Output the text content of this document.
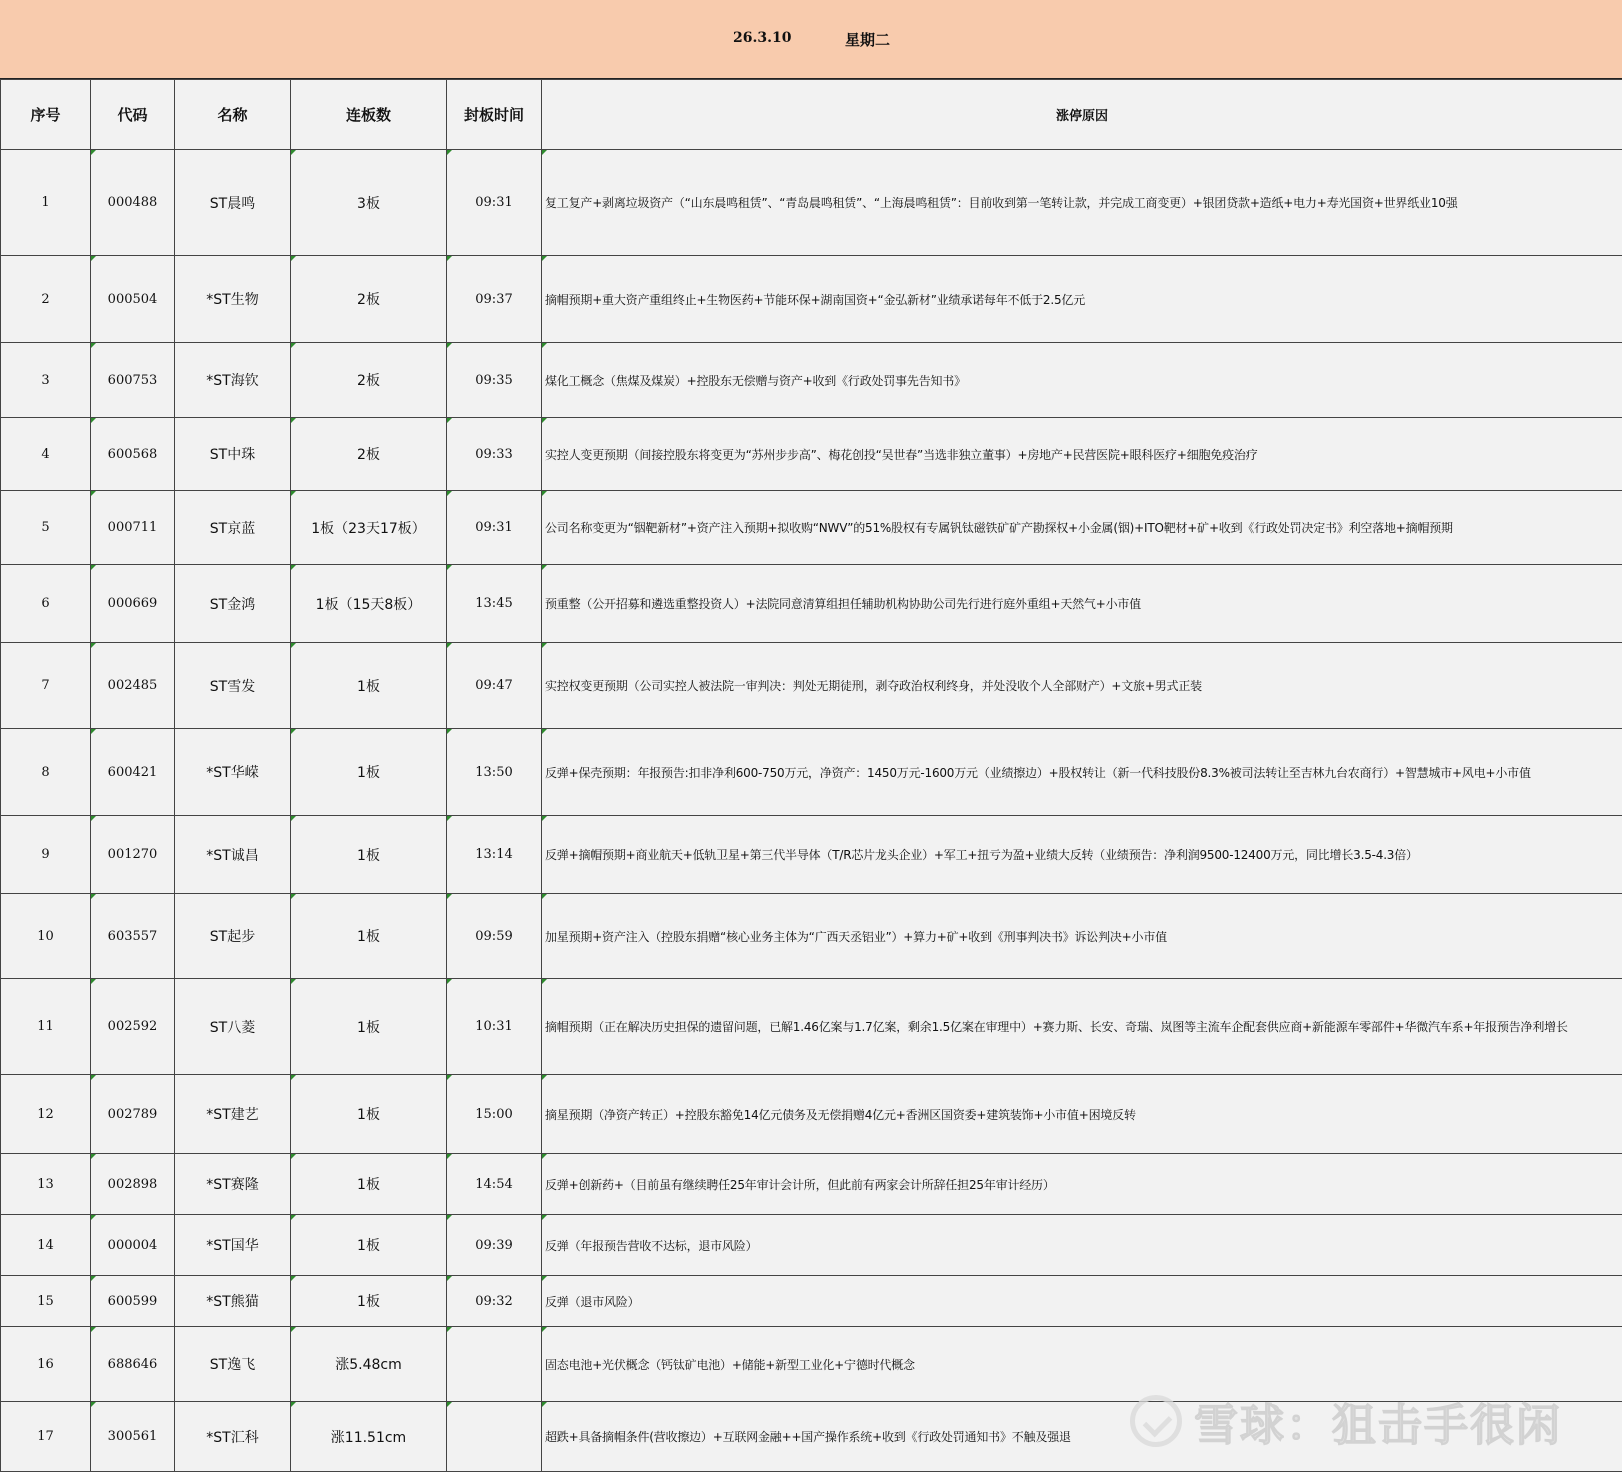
26.3.10	星期二
序号	代码	名称	连板数	封板时间	涨停原因
1	000488	ST晨鸣	3板	09:31	复工复产+剥离垃圾资产（“山东晨鸣租赁”、“青岛晨鸣租赁”、“上海晨鸣租赁”：目前收到第一笔转让款，并完成工商变更）+银团贷款+造纸+电力+寿光国资+世界纸业10强
2	000504	*ST生物	2板	09:37	摘帽预期+重大资产重组终止+生物医药+节能环保+湖南国资+“金弘新材”业绩承诺每年不低于2.5亿元
3	600753	*ST海钦	2板	09:35	煤化工概念（焦煤及煤炭）+控股东无偿赠与资产+收到《行政处罚事先告知书》
4	600568	ST中珠	2板	09:33	实控人变更预期（间接控股东将变更为“苏州步步高”、梅花创投“吴世春”当选非独立董事）+房地产+民营医院+眼科医疗+细胞免疫治疗
5	000711	ST京蓝	1板（23天17板）	09:31	公司名称变更为“铟靶新材”+资产注入预期+拟收购“NWV”的51%股权有专属钒钛磁铁矿矿产勘探权+小金属(铟)+ITO靶材+矿+收到《行政处罚决定书》利空落地+摘帽预期
6	000669	ST金鸿	1板（15天8板）	13:45	预重整（公开招募和遴选重整投资人）+法院同意清算组担任辅助机构协助公司先行进行庭外重组+天然气+小市值
7	002485	ST雪发	1板	09:47	实控权变更预期（公司实控人被法院一审判决：判处无期徒刑，剥夺政治权利终身，并处没收个人全部财产）+文旅+男式正装
8	600421	*ST华嵘	1板	13:50	反弹+保壳预期：年报预告:扣非净利600-750万元，净资产：1450万元-1600万元（业绩擦边）+股权转让（新一代科技股份8.3%被司法转让至吉林九台农商行）+智慧城市+风电+小市值
9	001270	*ST诚昌	1板	13:14	反弹+摘帽预期+商业航天+低轨卫星+第三代半导体（T/R芯片龙头企业）+军工+扭亏为盈+业绩大反转（业绩预告：净利润9500-12400万元，同比增长3.5-4.3倍）
10	603557	ST起步	1板	09:59	加星预期+资产注入（控股东捐赠“核心业务主体为“广西天丞铝业”）+算力+矿+收到《刑事判决书》诉讼判决+小市值
11	002592	ST八菱	1板	10:31	摘帽预期（正在解决历史担保的遗留问题，已解1.46亿案与1.7亿案，剩余1.5亿案在审理中）+赛力斯、长安、奇瑞、岚图等主流车企配套供应商+新能源车零部件+华微汽车系+年报预告净利增长
12	002789	*ST建艺	1板	15:00	摘星预期（净资产转正）+控股东豁免14亿元债务及无偿捐赠4亿元+香洲区国资委+建筑装饰+小市值+困境反转
13	002898	*ST赛隆	1板	14:54	反弹+创新药+（目前虽有继续聘任25年审计会计所，但此前有两家会计所辞任担25年审计经历）
14	000004	*ST国华	1板	09:39	反弹（年报预告营收不达标，退市风险）
15	600599	*ST熊猫	1板	09:32	反弹（退市风险）
16	688646	ST逸飞	涨5.48cm		固态电池+光伏概念（钙钛矿电池）+储能+新型工业化+宁德时代概念
17	300561	*ST汇科	涨11.51cm		超跌+具备摘帽条件(营收擦边）+互联网金融++国产操作系统+收到《行政处罚通知书》不触及强退	雪球：狙击手很闲
